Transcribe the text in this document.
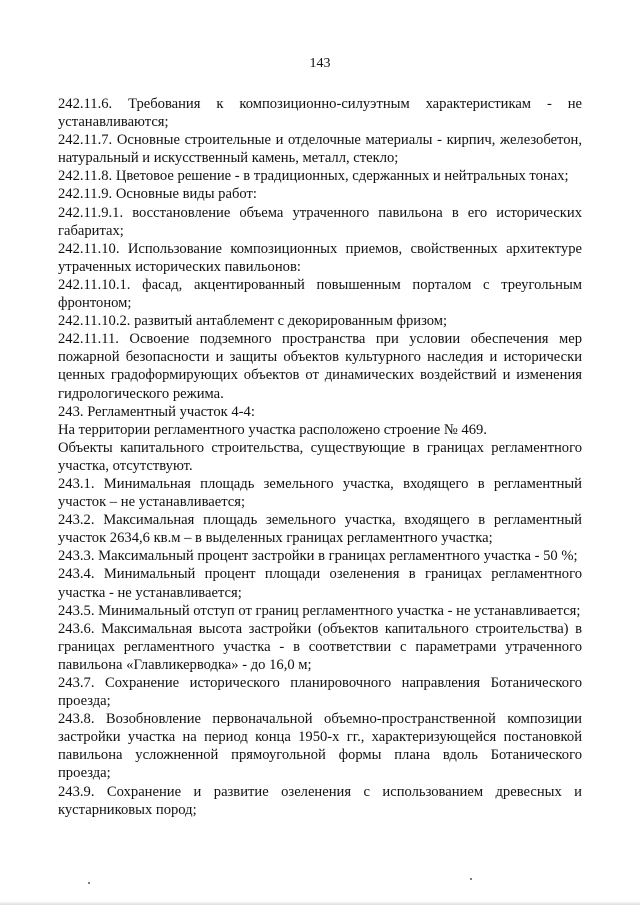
143

242.11.6. Требования к композиционно-силуэтным характеристикам - не устанавливаются;

242.11.7. Основные строительные и отделочные материалы - кирпич, железобетон, натуральный и искусственный камень, металл, стекло;

242.11.8. Цветовое решение - в традиционных, сдержанных и нейтральных тонах;

242.11.9. Основные виды работ:

242.11.9.1. восстановление объема утраченного павильона в его исторических габаритах;

242.11.10. Использование композиционных приемов, свойственных архитектуре утраченных исторических павильонов:

242.11.10.1. фасад, акцентированный повышенным порталом с треугольным фронтоном;

242.11.10.2. развитый антаблемент с декорированным фризом;

242.11.11. Освоение подземного пространства при условии обеспечения мер пожарной безопасности и защиты объектов культурного наследия и исторически ценных градоформирующих объектов от динамических воздействий и изменения гидрологического режима.

243. Регламентный участок 4-4:

На территории регламентного участка расположено строение № 469.

Объекты капитального строительства, существующие в границах регламентного участка, отсутствуют.

243.1. Минимальная площадь земельного участка, входящего в регламентный участок – не устанавливается;

243.2. Максимальная площадь земельного участка, входящего в регламентный участок 2634,6 кв.м – в выделенных границах регламентного участка;

243.3. Максимальный процент застройки в границах регламентного участка - 50 %;

243.4. Минимальный процент площади озеленения в границах регламентного участка - не устанавливается;

243.5. Минимальный отступ от границ регламентного участка - не устанавливается;

243.6. Максимальная высота застройки (объектов капитального строительства) в границах регламентного участка - в соответствии с параметрами утраченного павильона «Главликерводка» - до 16,0 м;

243.7. Сохранение исторического планировочного направления Ботанического проезда;

243.8. Возобновление первоначальной объемно-пространственной композиции застройки участка на период конца 1950-х гг., характеризующейся постановкой павильона усложненной прямоугольной формы плана вдоль Ботанического проезда;

243.9. Сохранение и развитие озеленения с использованием древесных и кустарниковых пород;
